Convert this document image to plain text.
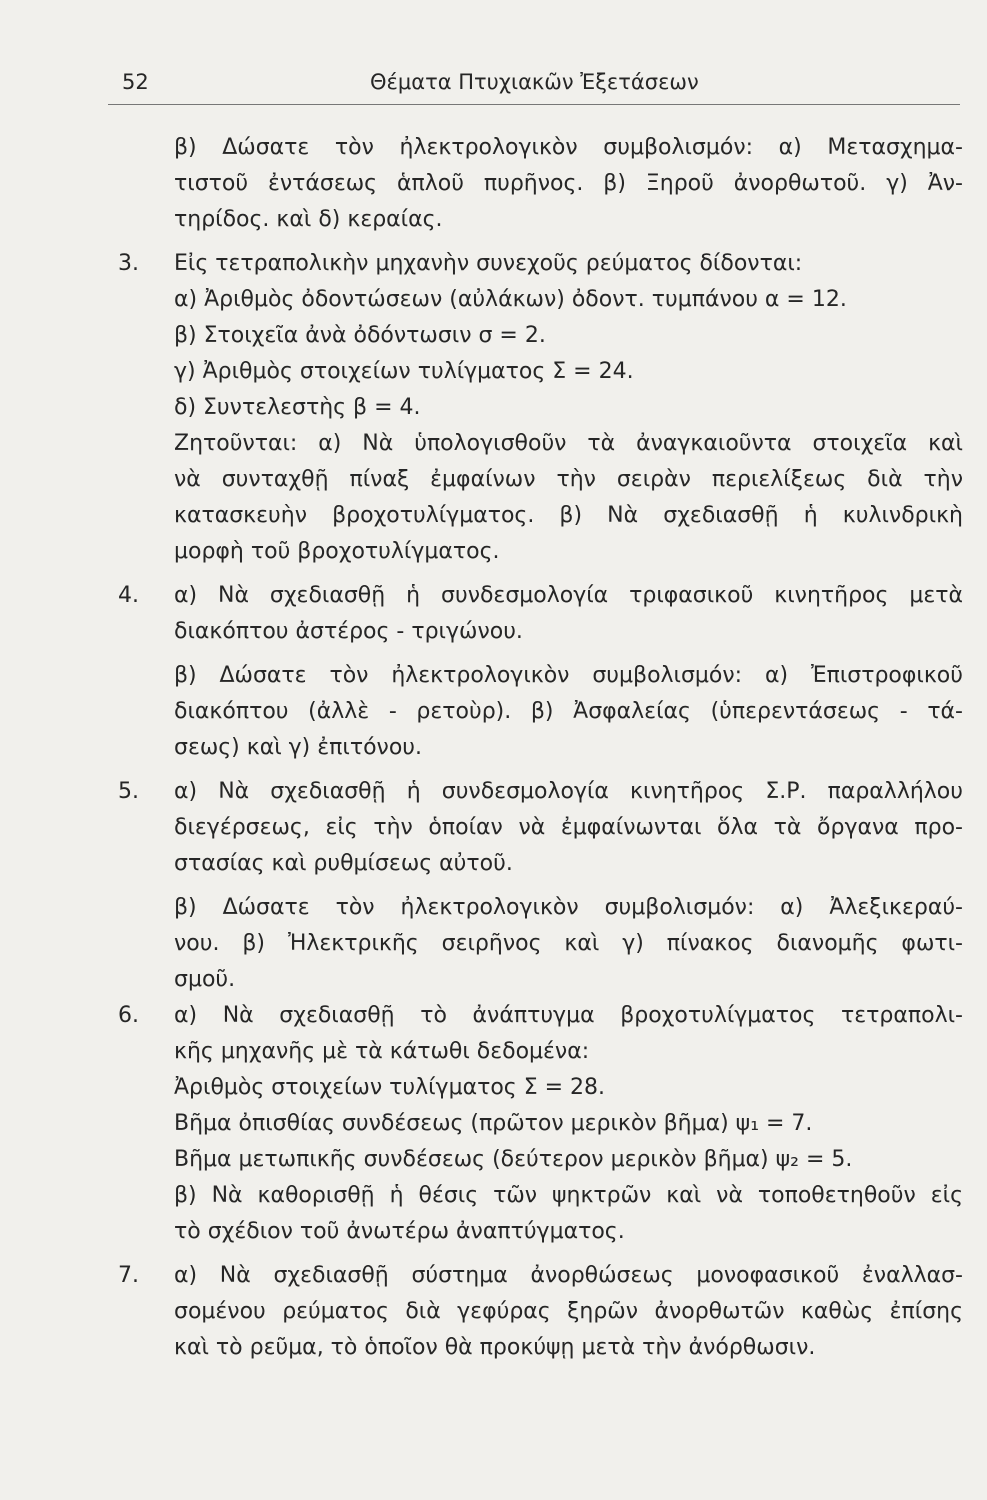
52	Θέματα Πτυχιακῶν Ἐξετάσεων
β) Δώσατε τὸν ἠλεκτρολογικὸν συμβολισμόν: α) Μετασχημα-
τιστοῦ ἐντάσεως ἁπλοῦ πυρῆνος. β) Ξηροῦ ἀνορθωτοῦ. γ) Ἀν-
τηρίδος. καὶ δ) κεραίας.
3. Εἰς τετραπολικὴν μηχανὴν συνεχοῦς ρεύματος δίδονται:
α) Ἀριθμὸς ὀδοντώσεων (αὐλάκων) ὀδοντ. τυμπάνου α = 12.
β) Στοιχεῖα ἀνὰ ὀδόντωσιν σ = 2.
γ) Ἀριθμὸς στοιχείων τυλίγματος Σ = 24.
δ) Συντελεστὴς β = 4.
Ζητοῦνται: α) Νὰ ὑπολογισθοῦν τὰ ἀναγκαιοῦντα στοιχεῖα καὶ
νὰ συνταχθῇ πίναξ ἐμφαίνων τὴν σειρὰν περιελίξεως διὰ τὴν
κατασκευὴν βροχοτυλίγματος. β) Νὰ σχεδιασθῇ ἡ κυλινδρικὴ
μορφὴ τοῦ βροχοτυλίγματος.
4. α) Νὰ σχεδιασθῇ ἡ συνδεσμολογία τριφασικοῦ κινητῆρος μετὰ
διακόπτου ἀστέρος - τριγώνου.
β) Δώσατε τὸν ἠλεκτρολογικὸν συμβολισμόν: α) Ἐπιστροφικοῦ
διακόπτου (ἀλλὲ - ρετοὺρ). β) Ἀσφαλείας (ὑπερεντάσεως - τά-
σεως) καὶ γ) ἐπιτόνου.
5. α) Νὰ σχεδιασθῇ ἡ συνδεσμολογία κινητῆρος Σ.Ρ. παραλλήλου
διεγέρσεως, εἰς τὴν ὁποίαν νὰ ἐμφαίνωνται ὅλα τὰ ὄργανα προ-
στασίας καὶ ρυθμίσεως αὐτοῦ.
β) Δώσατε τὸν ἠλεκτρολογικὸν συμβολισμόν: α) Ἀλεξικεραύ-
νου. β) Ἠλεκτρικῆς σειρῆνος καὶ γ) πίνακος διανομῆς φωτι-
σμοῦ.
6. α) Νὰ σχεδιασθῇ τὸ ἀνάπτυγμα βροχοτυλίγματος τετραπολι-
κῆς μηχανῆς μὲ τὰ κάτωθι δεδομένα:
Ἀριθμὸς στοιχείων τυλίγματος Σ = 28.
Βῆμα ὀπισθίας συνδέσεως (πρῶτον μερικὸν βῆμα) ψ₁ = 7.
Βῆμα μετωπικῆς συνδέσεως (δεύτερον μερικὸν βῆμα) ψ₂ = 5.
β) Νὰ καθορισθῇ ἡ θέσις τῶν ψηκτρῶν καὶ νὰ τοποθετηθοῦν εἰς
τὸ σχέδιον τοῦ ἀνωτέρω ἀναπτύγματος.
7. α) Νὰ σχεδιασθῇ σύστημα ἀνορθώσεως μονοφασικοῦ ἐναλλασ-
σομένου ρεύματος διὰ γεφύρας ξηρῶν ἀνορθωτῶν καθὼς ἐπίσης
καὶ τὸ ρεῦμα, τὸ ὁποῖον θὰ προκύψῃ μετὰ τὴν ἀνόρθωσιν.
